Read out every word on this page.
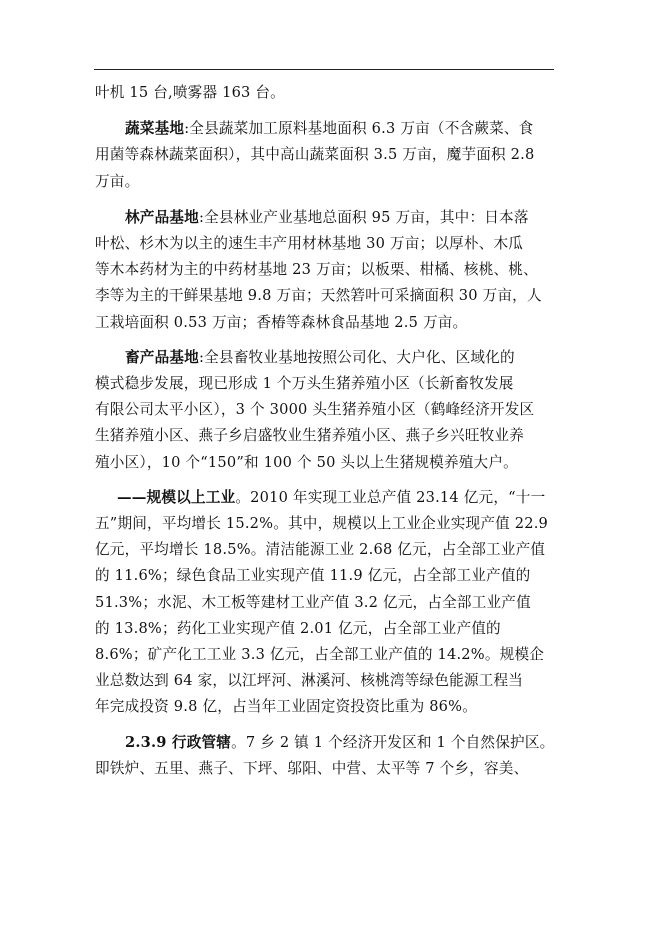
叶机 15 台,喷雾器 163 台。

蔬菜基地:全县蔬菜加工原料基地面积 6.3 万亩（不含蕨菜、食
用菌等森林蔬菜面积），其中高山蔬菜面积 3.5 万亩，魔芋面积 2.8
万亩。

林产品基地:全县林业产业基地总面积 95 万亩，其中：日本落
叶松、杉木为以主的速生丰产用材林基地 30 万亩；以厚朴、木瓜
等木本药材为主的中药材基地 23 万亩；以板栗、柑橘、核桃、桃、
李等为主的干鲜果基地 9.8 万亩；天然箬叶可采摘面积 30 万亩，人
工栽培面积 0.53 万亩；香椿等森林食品基地 2.5 万亩。

畜产品基地:全县畜牧业基地按照公司化、大户化、区域化的
模式稳步发展，现已形成 1 个万头生猪养殖小区（长新畜牧发展
有限公司太平小区），3 个 3000 头生猪养殖小区（鹤峰经济开发区
生猪养殖小区、燕子乡启盛牧业生猪养殖小区、燕子乡兴旺牧业养
殖小区），10 个“150”和 100 个 50 头以上生猪规模养殖大户。

——规模以上工业。2010 年实现工业总产值 23.14 亿元，“十一
五”期间，平均增长 15.2%。其中，规模以上工业企业实现产值 22.9
亿元，平均增长 18.5%。清洁能源工业 2.68 亿元，占全部工业产值
的 11.6%；绿色食品工业实现产值 11.9 亿元，占全部工业产值的
51.3%；水泥、木工板等建材工业产值 3.2 亿元，占全部工业产值
的 13.8%；药化工业实现产值 2.01 亿元，占全部工业产值的
8.6%；矿产化工工业 3.3 亿元，占全部工业产值的 14.2%。规模企
业总数达到 64 家，以江坪河、淋溪河、核桃湾等绿色能源工程当
年完成投资 9.8 亿，占当年工业固定资投资比重为 86%。

2.3.9 行政管辖。7 乡 2 镇 1 个经济开发区和 1 个自然保护区。
即铁炉、五里、燕子、下坪、邬阳、中营、太平等 7 个乡，容美、
